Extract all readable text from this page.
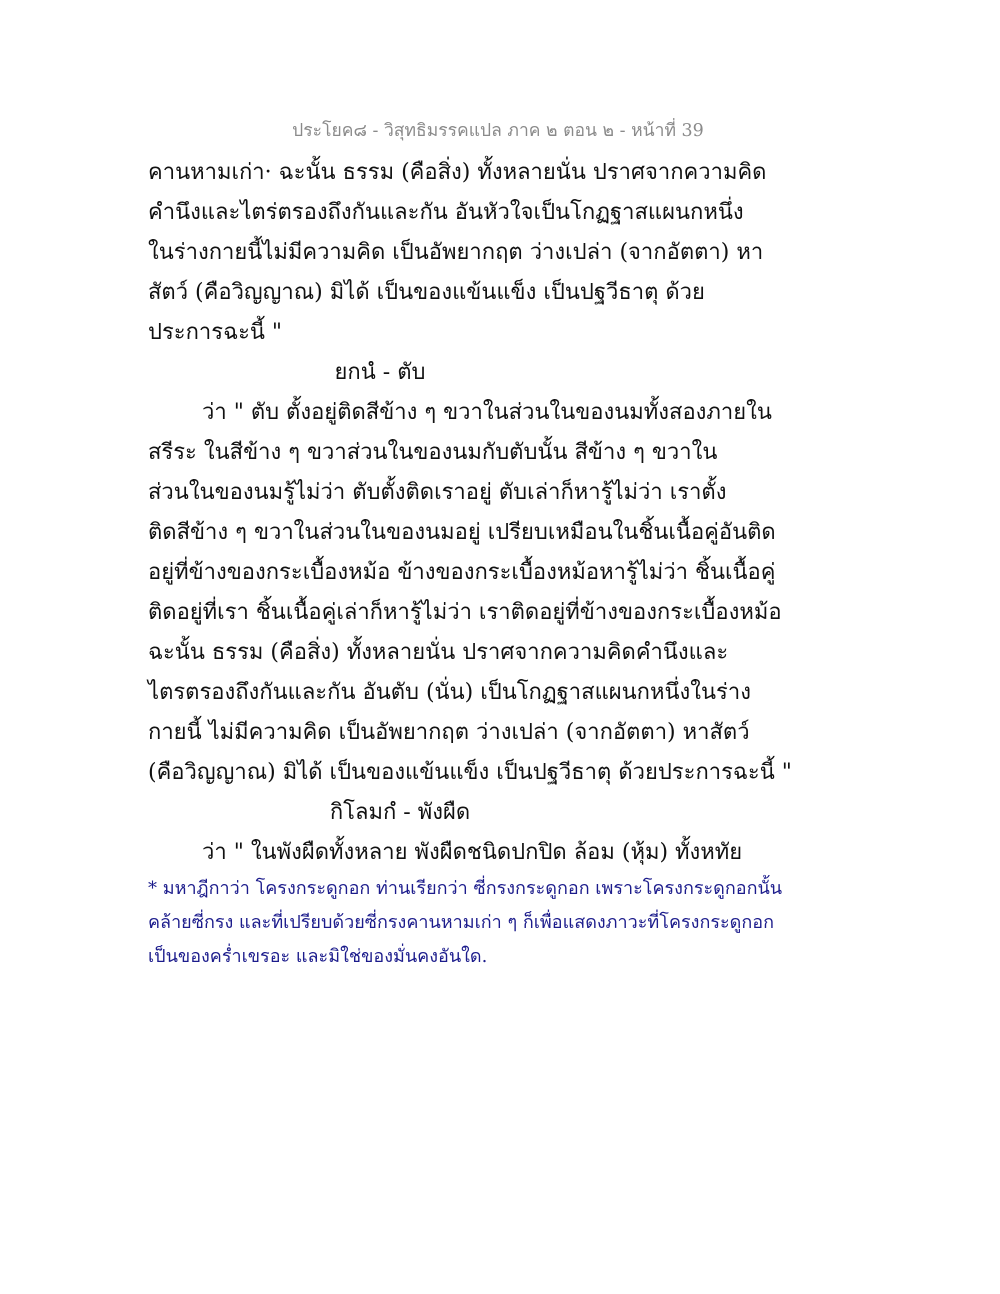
ประโยค๘ - วิสุทธิมรรคแปล ภาค ๒ ตอน ๒ - หน้าที่ 39
คานหามเก่า· ฉะนั้น ธรรม (คือสิ่ง) ทั้งหลายนั่น ปราศจากความคิด
คำนึงและไตร่ตรองถึงกันและกัน อันหัวใจเป็นโกฏฐาสแผนกหนึ่ง
ในร่างกายนี้ไม่มีความคิด เป็นอัพยากฤต ว่างเปล่า (จากอัตตา) หา
สัตว์ (คือวิญญาณ) มิได้ เป็นของแข้นแข็ง เป็นปฐวีธาตุ ด้วย
ประการฉะนี้ "
ยกนํ - ตับ
ว่า " ตับ ตั้งอยู่ติดสีข้าง ๆ ขวาในส่วนในของนมทั้งสองภายใน
สรีระ ในสีข้าง ๆ ขวาส่วนในของนมกับตับนั้น สีข้าง ๆ ขวาใน
ส่วนในของนมรู้ไม่ว่า ตับตั้งติดเราอยู่ ตับเล่าก็หารู้ไม่ว่า เราตั้ง
ติดสีข้าง ๆ ขวาในส่วนในของนมอยู่ เปรียบเหมือนในชิ้นเนื้อคู่อันติด
อยู่ที่ข้างของกระเบื้องหม้อ ข้างของกระเบื้องหม้อหารู้ไม่ว่า ชิ้นเนื้อคู่
ติดอยู่ที่เรา ชิ้นเนื้อคู่เล่าก็หารู้ไม่ว่า เราติดอยู่ที่ข้างของกระเบื้องหม้อ
ฉะนั้น ธรรม (คือสิ่ง) ทั้งหลายนั่น ปราศจากความคิดคำนึงและ
ไตรตรองถึงกันและกัน อันตับ (นั่น) เป็นโกฏฐาสแผนกหนึ่งในร่าง
กายนี้ ไม่มีความคิด เป็นอัพยากฤต ว่างเปล่า (จากอัตตา) หาสัตว์
(คือวิญญาณ) มิได้ เป็นของแข้นแข็ง เป็นปฐวีธาตุ ด้วยประการฉะนี้ "
กิโลมกํ - พังผืด
ว่า " ในพังผืดทั้งหลาย พังผืดชนิดปกปิด ล้อม (หุ้ม) ทั้งหทัย
* มหาฎีกาว่า โครงกระดูกอก ท่านเรียกว่า ซี่กรงกระดูกอก เพราะโครงกระดูกอกนั้น
คล้ายซี่กรง และที่เปรียบด้วยซี่กรงคานหามเก่า ๆ ก็เพื่อแสดงภาวะที่โครงกระดูกอก
เป็นของคร่ำเขรอะ และมิใช่ของมั่นคงอันใด.
